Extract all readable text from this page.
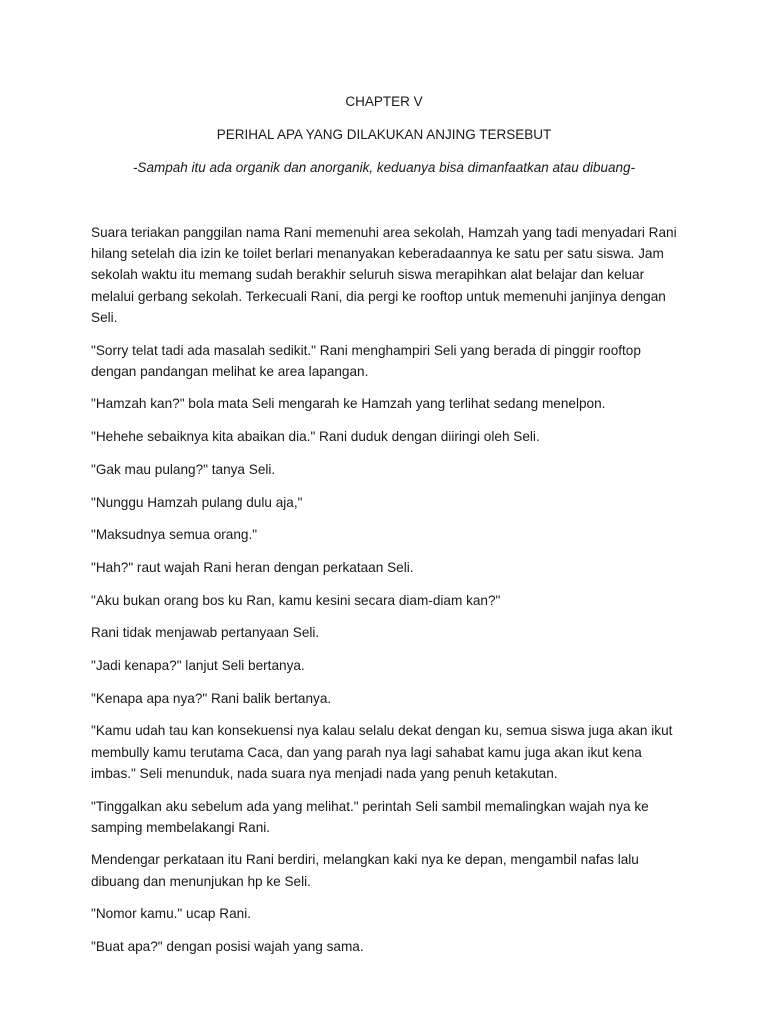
CHAPTER V
PERIHAL APA YANG DILAKUKAN ANJING TERSEBUT
-Sampah itu ada organik dan anorganik, keduanya bisa dimanfaatkan atau dibuang-

Suara teriakan panggilan nama Rani memenuhi area sekolah, Hamzah yang tadi menyadari Rani hilang setelah dia izin ke toilet berlari menanyakan keberadaannya ke satu per satu siswa. Jam sekolah waktu itu memang sudah berakhir seluruh siswa merapihkan alat belajar dan keluar melalui gerbang sekolah. Terkecuali Rani, dia pergi ke rooftop untuk memenuhi janjinya dengan Seli.

"Sorry telat tadi ada masalah sedikit." Rani menghampiri Seli yang berada di pinggir rooftop dengan pandangan melihat ke area lapangan.

"Hamzah kan?" bola mata Seli mengarah ke Hamzah yang terlihat sedang menelpon.

"Hehehe sebaiknya kita abaikan dia." Rani duduk dengan diiringi oleh Seli.

"Gak mau pulang?" tanya Seli.

"Nunggu Hamzah pulang dulu aja,"

"Maksudnya semua orang."

"Hah?" raut wajah Rani heran dengan perkataan Seli.

"Aku bukan orang bos ku Ran, kamu kesini secara diam-diam kan?"

Rani tidak menjawab pertanyaan Seli.

"Jadi kenapa?" lanjut Seli bertanya.

"Kenapa apa nya?" Rani balik bertanya.

"Kamu udah tau kan konsekuensi nya kalau selalu dekat dengan ku, semua siswa juga akan ikut membully kamu terutama Caca, dan yang parah nya lagi sahabat kamu juga akan ikut kena imbas." Seli menunduk, nada suara nya menjadi nada yang penuh ketakutan.

"Tinggalkan aku sebelum ada yang melihat." perintah Seli sambil memalingkan wajah nya ke samping membelakangi Rani.

Mendengar perkataan itu Rani berdiri, melangkan kaki nya ke depan, mengambil nafas lalu dibuang dan menunjukan hp ke Seli.

"Nomor kamu." ucap Rani.

"Buat apa?" dengan posisi wajah yang sama.
